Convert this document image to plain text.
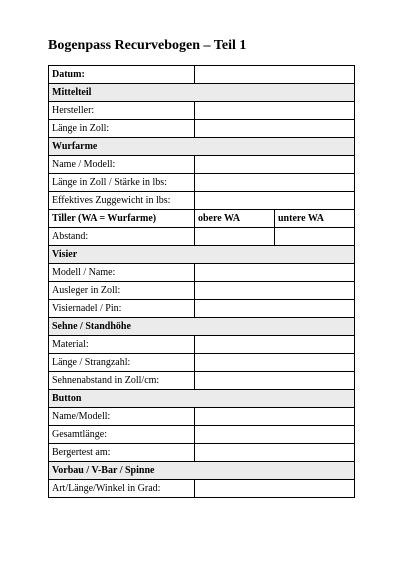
Bogenpass Recurvebogen – Teil 1
Datum:		
Mittelteil		
Hersteller:		
Länge in Zoll:		
Wurfarme		
Name / Modell:		
Länge in Zoll / Stärke in lbs:		
Effektives Zuggewicht in lbs:		
Tiller (WA = Wurfarme)	obere WA	untere WA
Abstand:		
Visier		
Modell / Name:		
Ausleger in Zoll:		
Visiernadel / Pin:		
Sehne / Standhöhe		
Material:		
Länge / Strangzahl:		
Sehnenabstand in Zoll/cm:		
Button		
Name/Modell:		
Gesamtlänge:		
Bergertest am:		
Vorbau / V-Bar / Spinne		
Art/Länge/Winkel in Grad:		
